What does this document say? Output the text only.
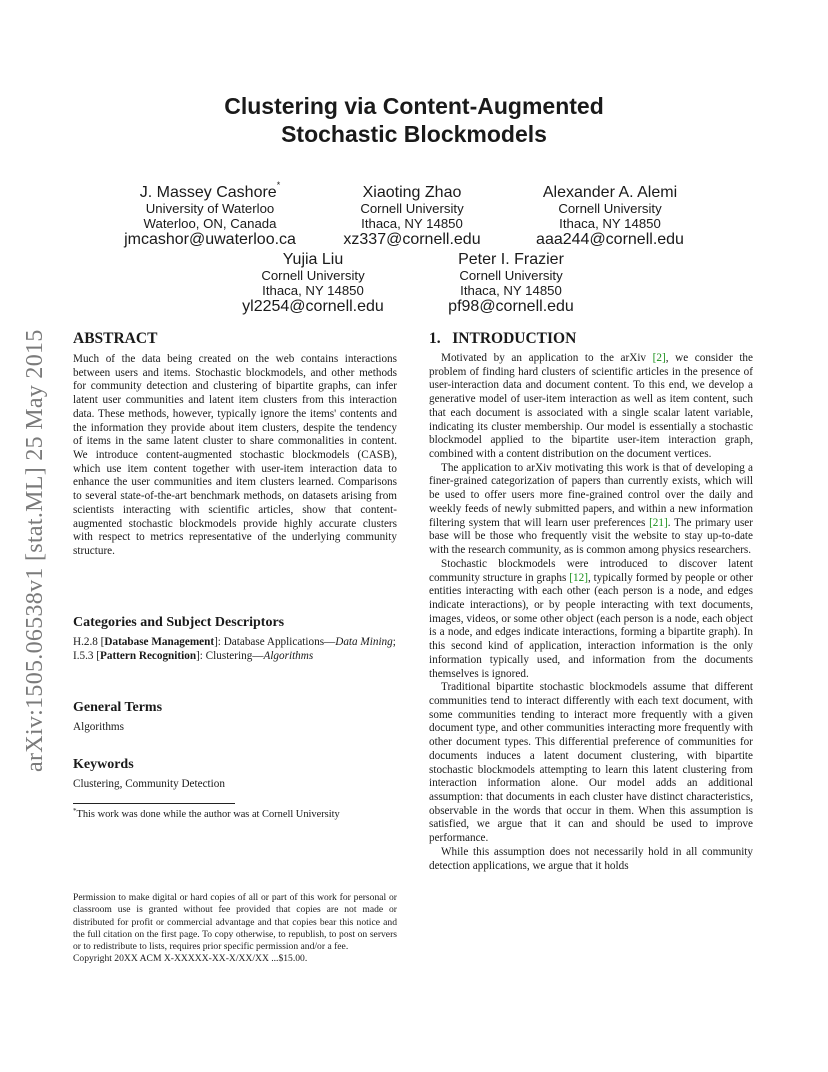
arXiv:1505.06538v1 [stat.ML] 25 May 2015
Clustering via Content-Augmented
Stochastic Blockmodels
J. Massey Cashore*
University of Waterloo
Waterloo, ON, Canada
jmcashor@uwaterloo.ca
Xiaoting Zhao
Cornell University
Ithaca, NY 14850
xz337@cornell.edu
Alexander A. Alemi
Cornell University
Ithaca, NY 14850
aaa244@cornell.edu
Yujia Liu
Cornell University
Ithaca, NY 14850
yl2254@cornell.edu
Peter I. Frazier
Cornell University
Ithaca, NY 14850
pf98@cornell.edu
ABSTRACT

Much of the data being created on the web contains interactions between users and items. Stochastic blockmodels, and other methods for community detection and clustering of bipartite graphs, can infer latent user communities and latent item clusters from this interaction data. These methods, however, typically ignore the items' contents and the information they provide about item clusters, despite the tendency of items in the same latent cluster to share commonalities in content. We introduce content-augmented stochastic blockmodels (CASB), which use item content together with user-item interaction data to enhance the user communities and item clusters learned. Comparisons to several state-of-the-art benchmark methods, on datasets arising from scientists interacting with scientific articles, show that content-augmented stochastic blockmodels provide highly accurate clusters with respect to metrics representative of the underlying community structure.

Categories and Subject Descriptors

H.2.8 [Database Management]: Database Applications—Data Mining; I.5.3 [Pattern Recognition]: Clustering—Algorithms

General Terms

Algorithms

Keywords

Clustering, Community Detection

*This work was done while the author was at Cornell University
Permission to make digital or hard copies of all or part of this work for personal or classroom use is granted without fee provided that copies are not made or distributed for profit or commercial advantage and that copies bear this notice and the full citation on the first page. To copy otherwise, to republish, to post on servers or to redistribute to lists, requires prior specific permission and/or a fee.
Copyright 20XX ACM X-XXXXX-XX-X/XX/XX ...$15.00.
1.   INTRODUCTION

Motivated by an application to the arXiv [2], we consider the problem of finding hard clusters of scientific articles in the presence of user-interaction data and document content. To this end, we develop a generative model of user-item interaction as well as item content, such that each document is associated with a single scalar latent variable, indicating its cluster membership. Our model is essentially a stochastic blockmodel applied to the bipartite user-item interaction graph, combined with a content distribution on the document vertices.

The application to arXiv motivating this work is that of developing a finer-grained categorization of papers than currently exists, which will be used to offer users more fine-grained control over the daily and weekly feeds of newly submitted papers, and within a new information filtering system that will learn user preferences [21]. The primary user base will be those who frequently visit the website to stay up-to-date with the research community, as is common among physics researchers.

Stochastic blockmodels were introduced to discover latent community structure in graphs [12], typically formed by people or other entities interacting with each other (each person is a node, and edges indicate interactions), or by people interacting with text documents, images, videos, or some other object (each person is a node, each object is a node, and edges indicate interactions, forming a bipartite graph). In this second kind of application, interaction information is the only information typically used, and information from the documents themselves is ignored.

Traditional bipartite stochastic blockmodels assume that different communities tend to interact differently with each text document, with some communities tending to interact more frequently with a given document type, and other communities interacting more frequently with other document types. This differential preference of communities for documents induces a latent document clustering, with bipartite stochastic blockmodels attempting to learn this latent clustering from interaction information alone. Our model adds an additional assumption: that documents in each cluster have distinct characteristics, observable in the words that occur in them. When this assumption is satisfied, we argue that it can and should be used to improve performance.

While this assumption does not necessarily hold in all community detection applications, we argue that it holds
